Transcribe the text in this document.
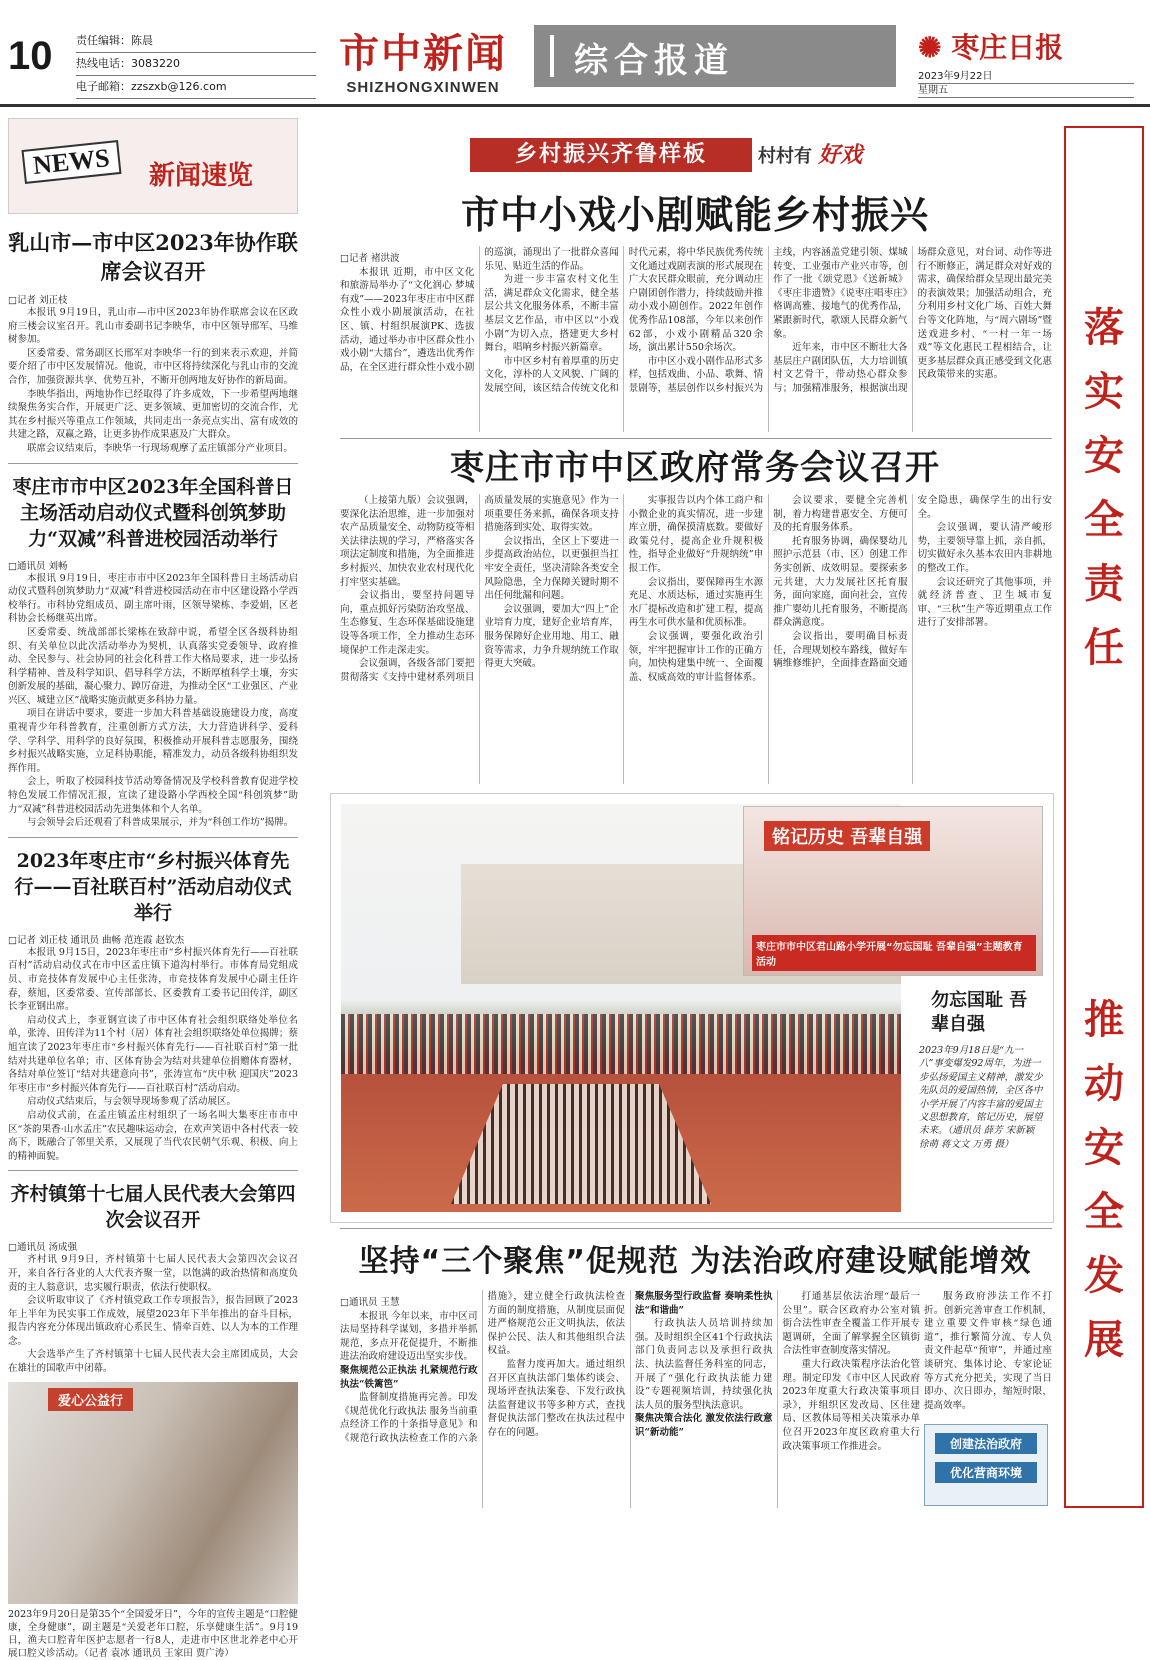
10 责任编辑：陈晨
热线电话：3083220
电子邮箱：zzszxb@126.com
市中新闻
SHIZHONGXINWEN
综合报道	✺ 枣庄日报
2023年9月22日
星期五
NEWS	新闻速览
乳山市—市中区2023年协作联席会议召开
□记者 刘正枝

本报讯 9月19日，乳山市—市中区2023年协作联席会议在区政府三楼会议室召开。乳山市委副书记李映华，市中区领导邢军、马维树参加。

区委常委、常务副区长邢军对李映华一行的到来表示欢迎，并简要介绍了市中区发展情况。他说，市中区将持续深化与乳山市的交流合作，加强资源共享、优势互补，不断开创两地友好协作的新局面。

李映华指出，两地协作已经取得了许多成效，下一步希望两地继续聚焦务实合作，开展更广泛、更多领域、更加密切的交流合作，尤其在乡村振兴等重点工作领域，共同走出一条亮点实出、富有成效的共建之路，双赢之路，让更多协作成果惠及广大群众。

联席会议结束后，李映华一行现场观摩了孟庄镇部分产业项目。

枣庄市市中区2023年全国科普日主场活动启动仪式暨科创筑梦助力“双减”科普进校园活动举行
□通讯员 刘畅

本报讯 9月19日，枣庄市市中区2023年全国科普日主场活动启动仪式暨科创筑梦助力“双减”科普进校园活动在市中区建设路小学西校举行。市科协党组成员、副主席叶雨，区领导梁栋、李爱娟，区老科协会长杨继英出席。

区委常委、统战部部长梁栋在致辞中说，希望全区各级科协组织、有关单位以此次活动举办为契机，认真落实党委领导、政府推动、全民参与、社会协同的社会化科普工作大格局要求，进一步弘扬科学精神、普及科学知识、倡导科学方法，不断厚植科学土壤，夯实创新发展的基础，凝心聚力、踔厉奋进，为推动全区“工业强区、产业兴区、城建立区”战略实施贡献更多科协力量。

项目在讲话中要求，要进一步加大科普基础设施建设力度，高度重视青少年科普教育，注重创新方式方法，大力营造讲科学、爱科学、学科学、用科学的良好氛围，积极推动开展科普志愿服务，围绕乡村振兴战略实施，立足科协职能，精准发力，动员各级科协组织发挥作用。

会上，听取了校园科技节活动筹备情况及学校科普教育促进学校特色发展工作情况汇报，宣读了建设路小学西校全国“科创筑梦”助力“双减”科普进校园活动先进集体和个人名单。

与会领导会后还观看了科普成果展示，并为“科创工作坊”揭牌。

2023年枣庄市“乡村振兴体育先行——百社联百村”活动启动仪式举行
□记者 刘正枝 通讯员 曲畅 范连霞 赵钦杰

本报讯 9月15日，2023年枣庄市“乡村振兴体育先行——百社联百村”活动启动仪式在市中区孟庄镇下道沟村举行。市体育局党组成员、市竞技体育发展中心主任张涛，市竞技体育发展中心副主任许春，蔡旭，区委常委、宣传部部长、区委教育工委书记田传洋，副区长李亚钢出席。

启动仪式上，李亚钢宣读了市中区体育社会组织联络处举位名单，张涛、田传洋为11个村（居）体育社会组织联络处单位揭牌；蔡旭宣读了2023年枣庄市“乡村振兴体育先行——百社联百村”第一批结对共建单位名单；市、区体育协会为结对共建单位捐赠体育器材，各结对单位签订“结对共建意向书”，张涛宣布“庆中秋 迎国庆”2023年枣庄市“乡村振兴体育先行——百社联百村”活动启动。

启动仪式结束后，与会领导现场参观了活动展区。

启动仪式前，在孟庄镇孟庄村组织了一场名叫大集枣庄市市中区“茶韵果香·山水孟庄”农民趣味运动会，在欢声笑语中各村代表一较高下，既融合了邻里关系，又展现了当代农民朝气乐观、积极、向上的精神面貌。

齐村镇第十七届人民代表大会第四次会议召开
□通讯员 汤成强

齐村讯 9月9日，齐村镇第十七届人民代表大会第四次会议召开，来自各行各业的人大代表齐聚一堂，以饱满的政治热情和高度负责的主人翁意识，忠实履行职责，依法行使职权。

会议听取审议了《齐村镇党政工作专项报告》，报告回顾了2023年上半年为民实事工作成效，展望2023年下半年推出的奋斗目标，报告内容充分体现出镇政府心系民生、情牵百姓、以人为本的工作理念。

大会选举产生了齐村镇第十七届人民代表大会主席团成员，大会在雄壮的国歌声中闭幕。

爱心公益行
2023年9月20日是第35个“全国爱牙日”，今年的宣传主题是“口腔健康，全身健康”，副主题是“关爱老年口腔，乐享健康生活”。9月19日，渔夫口腔青年医护志愿者一行8人，走进市中区世北养老中心开展口腔义诊活动。（记者 袁冰 通讯员 王家田 贾广涛）
乡村振兴齐鲁样板	村村有 好戏
市中小戏小剧赋能乡村振兴

□记者 褚洪波

本报讯 近期，市中区文化和旅游局举办了“文化润心 梦城有戏”——2023年枣庄市中区群众性小戏小剧展演活动，在社区、镇、村组织展演PK、选拔活动，通过举办市中区群众性小戏小剧“大擂台”，遴选出优秀作品，在全区进行群众性小戏小剧的巡演，涌现出了一批群众喜闻乐见、贴近生活的作品。

为进一步丰富农村文化生活，满足群众文化需求，健全基层公共文化服务体系，不断丰富基层文艺作品，市中区以“小戏小剧”为切入点，搭建更大乡村舞台，唱响乡村振兴新篇章。

市中区乡村有着厚重的历史文化，淳朴的人文风貌、广阔的发展空间，该区结合传统文化和时代元素，将中华民族优秀传统文化通过戏剧表演的形式展现在广大农民群众眼前，充分调动庄户剧团创作潜力，持续鼓励并推动小戏小剧创作。2022年创作优秀作品108部，今年以来创作62部，小戏小剧精品320余场，演出累计550余场次。

市中区小戏小剧作品形式多样，包括戏曲、小品、歌舞、情景剧等，基层创作以乡村振兴为主线，内容涵盖党建引领、煤城转变、工业强市产业兴市等，创作了一批《颂党恩》《送新城》《枣庄非遗赞》《说枣庄唱枣庄》格调高雅、接地气的优秀作品，紧跟新时代，歌颂人民群众新气象。

近年来，市中区不断壮大各基层庄户剧团队伍，大力培训镇村文艺骨干，带动热心群众参与；加强精准服务，根据演出现场群众意见，对台词、动作等进行不断修正，满足群众对好戏的需求，确保给群众呈现出最完美的表演效果；加强活动组合，充分利用乡村文化广场、百姓大舞台等文化阵地，与“周六剧场”暨送戏进乡村、“一村一年一场戏”等文化惠民工程相结合，让更多基层群众真正感受到文化惠民政策带来的实惠。

枣庄市市中区政府常务会议召开

（上接第九版）会议强调，要深化法治思维，进一步加强对农产品质量安全、动物防疫等相关法律法规的学习，严格落实各项法定制度和措施，为全面推进乡村振兴、加快农业农村现代化打牢坚实基础。

会议指出，要坚持问题导向，重点抓好污染防治攻坚战、生态修复、生态环保基础设施建设等各项工作，全力推动生态环境保护工作走深走实。

会议强调，各级各部门要把贯彻落实《支持中建材系列项目高质量发展的实施意见》作为一项重要任务来抓，确保各项支持措施落到实处、取得实效。

会议指出，全区上下要进一步提高政治站位，以更强担当扛牢安全责任，坚决清除各类安全风险隐患，全力保障关键时期不出任何纰漏和问题。

会议强调，要加大“四上”企业培育力度，建好企业培育库，服务保障好企业用地、用工、融资等需求，力争升规纳统工作取得更大突破。

实事报告以内个体工商户和小微企业的真实情况，进一步建库立册，确保摸清底数。要做好政策兑付，提高企业升规积极性，指导企业做好“升规纳统”申报工作。

会议指出，要保障再生水源充足、水质达标，通过实施再生水厂提标改造和扩建工程，提高再生水可供水量和优质标准。

会议强调，要强化政治引领，牢牢把握审计工作的正确方向，加快构建集中统一、全面覆盖、权威高效的审计监督体系。

会议要求，要健全完善机制，着力构建普惠安全、方便可及的托育服务体系。

托育服务协调，确保婴幼儿照护示范县（市、区）创建工作务实创新、成效明显。要探索多元共建，大力发展社区托育服务，面向家庭，面向社会，宣传推广婴幼儿托育服务，不断提高群众满意度。

会议指出，要明确目标责任，合理规划校车路线，做好车辆维修维护，全面排查路面交通安全隐患，确保学生的出行安全。

会议强调，要认清严峻形势，主要领导靠上抓，亲自抓，切实做好永久基本农田内非耕地的整改工作。

会议还研究了其他事项，并就经济普查、卫生城市复审、“三秋”生产等近期重点工作进行了安排部署。

铭记历史 吾辈自强
枣庄市市中区君山路小学开展“勿忘国耻 吾辈自强”主题教育活动
勿忘国耻 吾辈自强
2023年9月18日是“九一八”事变爆发92周年，为进一步弘扬爱国主义精神，激发少先队员的爱国热情，全区各中小学开展了内容丰富的爱国主义思想教育，铭记历史，展望未来。（通讯员 薛芳 宋新颖 徐萌 蒋文文 万勇 摄）
坚持“三个聚焦”促规范 为法治政府建设赋能增效

□通讯员 王慧

本报讯 今年以来，市中区司法局坚持科学谋划，多措并举抓规范，多点开花促提升，不断推进法治政府建设迈出坚实步伐。

聚焦规范公正执法 扎紧规范行政执法“铁篱笆”

监督制度措施再完善。印发《规范优化行政执法 服务当前重点经济工作的十条指导意见》和《规范行政执法检查工作的六条措施》，建立健全行政执法检查方面的制度措施，从制度层面促进严格规范公正文明执法，依法保护公民、法人和其他组织合法权益。

监督力度再加大。通过组织召开区直执法部门集体约谈会、现场评查执法案卷、下发行政执法监督建议书等多种方式，查找督促执法部门整改在执法过程中存在的问题。

聚焦服务型行政监督 奏响柔性执法“和谐曲”

行政执法人员培训持续加强。及时组织全区41个行政执法部门负责同志以及承担行政执法、执法监督任务科室的同志，开展了“强化行政执法能力建设”专题视频培训，持续强化执法人员的服务型执法意识。

聚焦决策合法化 激发依法行政意识“新动能”

打通基层依法治理“最后一公里”。联合区政府办公室对镇街合法性审查全覆盖工作开展专题调研，全面了解掌握全区镇街合法性审查制度落实情况。

重大行政决策程序法治化管理。制定印发《市中区人民政府2023年度重大行政决策事项目录》，并组织区发改局、区住建局、区教体局等相关决策承办单位召开2023年度区政府重大行政决策事项工作推进会。

服务政府涉法工作不打折。创新完善审查工作机制，建立重要文件审核“绿色通道”，推行繁简分流、专人负责文件起草“预审”，并通过座谈研究、集体讨论、专家论证等方式充分把关，实现了当日即办、次日即办，缩短时限，提高效率。

创建法治政府
优化营商环境
落实安全责任
推动安全发展
